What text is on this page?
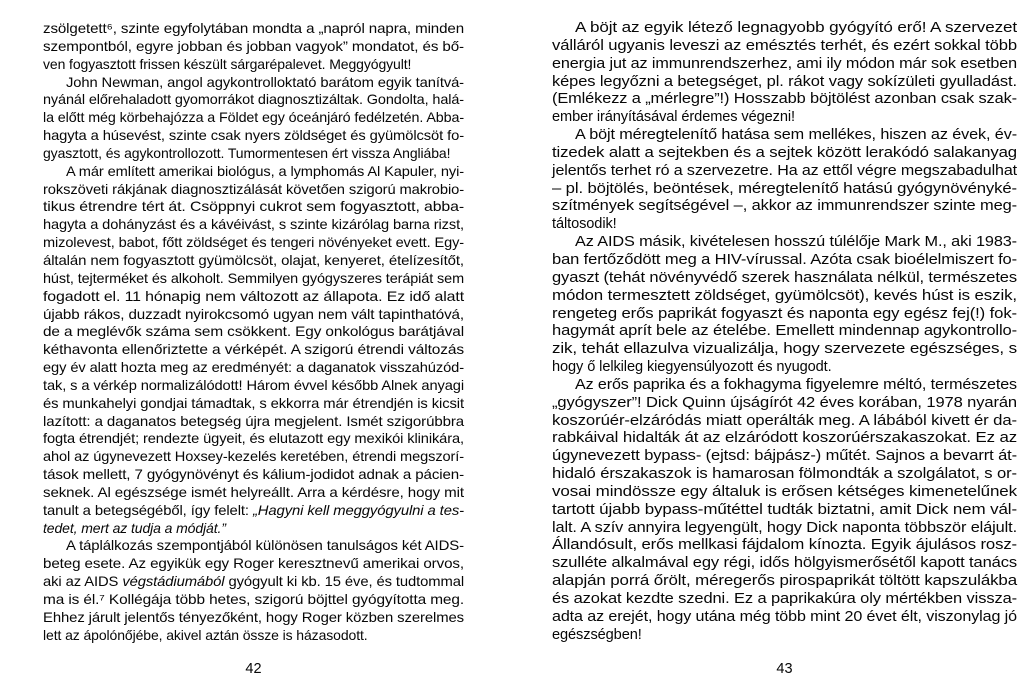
zsölgetett⁶, szinte egyfolytában mondta a „napról napra, minden
szempontból, egyre jobban és jobban vagyok” mondatot, és bő-
ven fogyasztott frissen készült sárgarépalevet. Meggyógyult!
John Newman, angol agykontrolloktató barátom egyik tanítvá-
nyánál előrehaladott gyomorrákot diagnosztizáltak. Gondolta, halá-
la előtt még körbehajózza a Földet egy óceánjáró fedélzetén. Abba-
hagyta a húsevést, szinte csak nyers zöldséget és gyümölcsöt fo-
gyasztott, és agykontrollozott. Tumormentesen ért vissza Angliába!
A már említett amerikai biológus, a lymphomás Al Kapuler, nyi-
rokszöveti rákjának diagnosztizálását követően szigorú makrobio-
tikus étrendre tért át. Csöppnyi cukrot sem fogyasztott, abba-
hagyta a dohányzást és a kávéivást, s szinte kizárólag barna rizst,
mizolevest, babot, főtt zöldséget és tengeri növényeket evett. Egy-
általán nem fogyasztott gyümölcsöt, olajat, kenyeret, ételízesítőt,
húst, tejterméket és alkoholt. Semmilyen gyógyszeres terápiát sem
fogadott el. 11 hónapig nem változott az állapota. Ez idő alatt
újabb rákos, duzzadt nyirokcsomó ugyan nem vált tapinthatóvá,
de a meglévők száma sem csökkent. Egy onkológus barátjával
kéthavonta ellenőriztette a vérképét. A szigorú étrendi változás
egy év alatt hozta meg az eredményét: a daganatok visszahúzód-
tak, s a vérkép normalizálódott! Három évvel később Alnek anyagi
és munkahelyi gondjai támadtak, s ekkorra már étrendjén is kicsit
lazított: a daganatos betegség újra megjelent. Ismét szigorúbbra
fogta étrendjét; rendezte ügyeit, és elutazott egy mexikói klinikára,
ahol az úgynevezett Hoxsey-kezelés keretében, étrendi megszorí-
tások mellett, 7 gyógynövényt és kálium-jodidot adnak a pácien-
seknek. Al egészsége ismét helyreállt. Arra a kérdésre, hogy mit
tanult a betegségéből, így felelt: „Hagyni kell meggyógyulni a tes-
tedet, mert az tudja a módját.”
A táplálkozás szempontjából különösen tanulságos két AIDS-
beteg esete. Az egyikük egy Roger keresztnevű amerikai orvos,
aki az AIDS végstádiumából gyógyult ki kb. 15 éve, és tudtommal
ma is él.⁷ Kollégája több hetes, szigorú böjttel gyógyította meg.
Ehhez járult jelentős tényezőként, hogy Roger közben szerelmes
lett az ápolónőjébe, akivel aztán össze is házasodott.
42
A böjt az egyik létező legnagyobb gyógyító erő! A szervezet
válláról ugyanis leveszi az emésztés terhét, és ezért sokkal több
energia jut az immunrendszerhez, ami ily módon már sok esetben
képes legyőzni a betegséget, pl. rákot vagy sokízületi gyulladást.
(Emlékezz a „mérlegre”!) Hosszabb böjtölést azonban csak szak-
ember irányításával érdemes végezni!
A böjt méregtelenítő hatása sem mellékes, hiszen az évek, év-
tizedek alatt a sejtekben és a sejtek között lerakódó salakanyag
jelentős terhet ró a szervezetre. Ha az ettől végre megszabadulhat
– pl. böjtölés, beöntések, méregtelenítő hatású gyógynövényké-
szítmények segítségével –, akkor az immunrendszer szinte meg-
táltosodik!
Az AIDS másik, kivételesen hosszú túlélője Mark M., aki 1983-
ban fertőződött meg a HIV-vírussal. Azóta csak bioélelmiszert fo-
gyaszt (tehát növényvédő szerek használata nélkül, természetes
módon termesztett zöldséget, gyümölcsöt), kevés húst is eszik,
rengeteg erős paprikát fogyaszt és naponta egy egész fej(!) fok-
hagymát aprít bele az ételébe. Emellett mindennap agykontrollo-
zik, tehát ellazulva vizualizálja, hogy szervezete egészséges, s
hogy ő lelkileg kiegyensúlyozott és nyugodt.
Az erős paprika és a fokhagyma figyelemre méltó, természetes
„gyógyszer”! Dick Quinn újságírót 42 éves korában, 1978 nyarán
koszorúér-elzáródás miatt operálták meg. A lábából kivett ér da-
rabkáival hidalták át az elzáródott koszorúérszakaszokat. Ez az
úgynevezett bypass- (ejtsd: bájpász-) műtét. Sajnos a bevarrt át-
hidaló érszakaszok is hamarosan fölmondták a szolgálatot, s or-
vosai mindössze egy általuk is erősen kétséges kimenetelűnek
tartott újabb bypass-műtéttel tudták biztatni, amit Dick nem vál-
lalt. A szív annyira legyengült, hogy Dick naponta többször elájult.
Állandósult, erős mellkasi fájdalom kínozta. Egyik ájulásos rosz-
szulléte alkalmával egy régi, idős hölgyismerősétől kapott tanács
alapján porrá őrölt, méregerős pirospaprikát töltött kapszulákba
és azokat kezdte szedni. Ez a paprikakúra oly mértékben vissza-
adta az erejét, hogy utána még több mint 20 évet élt, viszonylag jó
egészségben!
43
